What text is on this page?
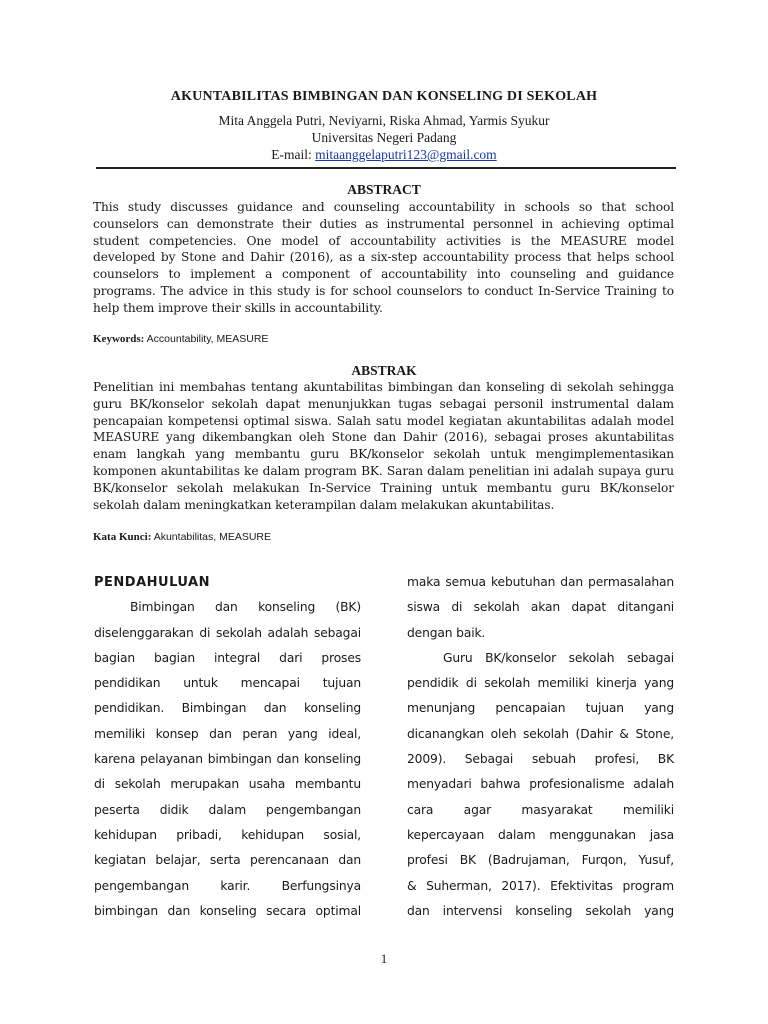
AKUNTABILITAS BIMBINGAN DAN KONSELING DI SEKOLAH
Mita Anggela Putri, Neviyarni, Riska Ahmad, Yarmis Syukur
Universitas Negeri Padang
E-mail: mitaanggelaputri123@gmail.com
ABSTRACT
This study discusses guidance and counseling accountability in schools so that school counselors can demonstrate their duties as instrumental personnel in achieving optimal student competencies. One model of accountability activities is the MEASURE model developed by Stone and Dahir (2016), as a six-step accountability process that helps school counselors to implement a component of accountability into counseling and guidance programs. The advice in this study is for school counselors to conduct In-Service Training to help them improve their skills in accountability.
Keywords: Accountability, MEASURE
ABSTRAK
Penelitian ini membahas tentang akuntabilitas bimbingan dan konseling di sekolah sehingga guru BK/konselor sekolah dapat menunjukkan tugas sebagai personil instrumental dalam pencapaian kompetensi optimal siswa. Salah satu model kegiatan akuntabilitas adalah model MEASURE yang dikembangkan oleh Stone dan Dahir (2016), sebagai proses akuntabilitas enam langkah yang membantu guru BK/konselor sekolah untuk mengimplementasikan komponen akuntabilitas ke dalam program BK. Saran dalam penelitian ini adalah supaya guru BK/konselor sekolah melakukan In-Service Training untuk membantu guru BK/konselor sekolah dalam meningkatkan keterampilan dalam melakukan akuntabilitas.
Kata Kunci: Akuntabilitas, MEASURE
PENDAHULUAN
Bimbingan dan konseling (BK)
diselenggarakan di sekolah adalah sebagai
bagian bagian integral dari proses
pendidikan untuk mencapai tujuan
pendidikan. Bimbingan dan konseling
memiliki konsep dan peran yang ideal,
karena pelayanan bimbingan dan konseling
di sekolah merupakan usaha membantu
peserta didik dalam pengembangan
kehidupan pribadi, kehidupan sosial,
kegiatan belajar, serta perencanaan dan
pengembangan karir. Berfungsinya
bimbingan dan konseling secara optimal
maka semua kebutuhan dan permasalahan
siswa di sekolah akan dapat ditangani
dengan baik.
Guru BK/konselor sekolah sebagai
pendidik di sekolah memiliki kinerja yang
menunjang pencapaian tujuan yang
dicanangkan oleh sekolah (Dahir & Stone,
2009). Sebagai sebuah profesi, BK
menyadari bahwa profesionalisme adalah
cara agar masyarakat memiliki
kepercayaan dalam menggunakan jasa
profesi BK (Badrujaman, Furqon, Yusuf,
& Suherman, 2017). Efektivitas program
dan intervensi konseling sekolah yang
1
